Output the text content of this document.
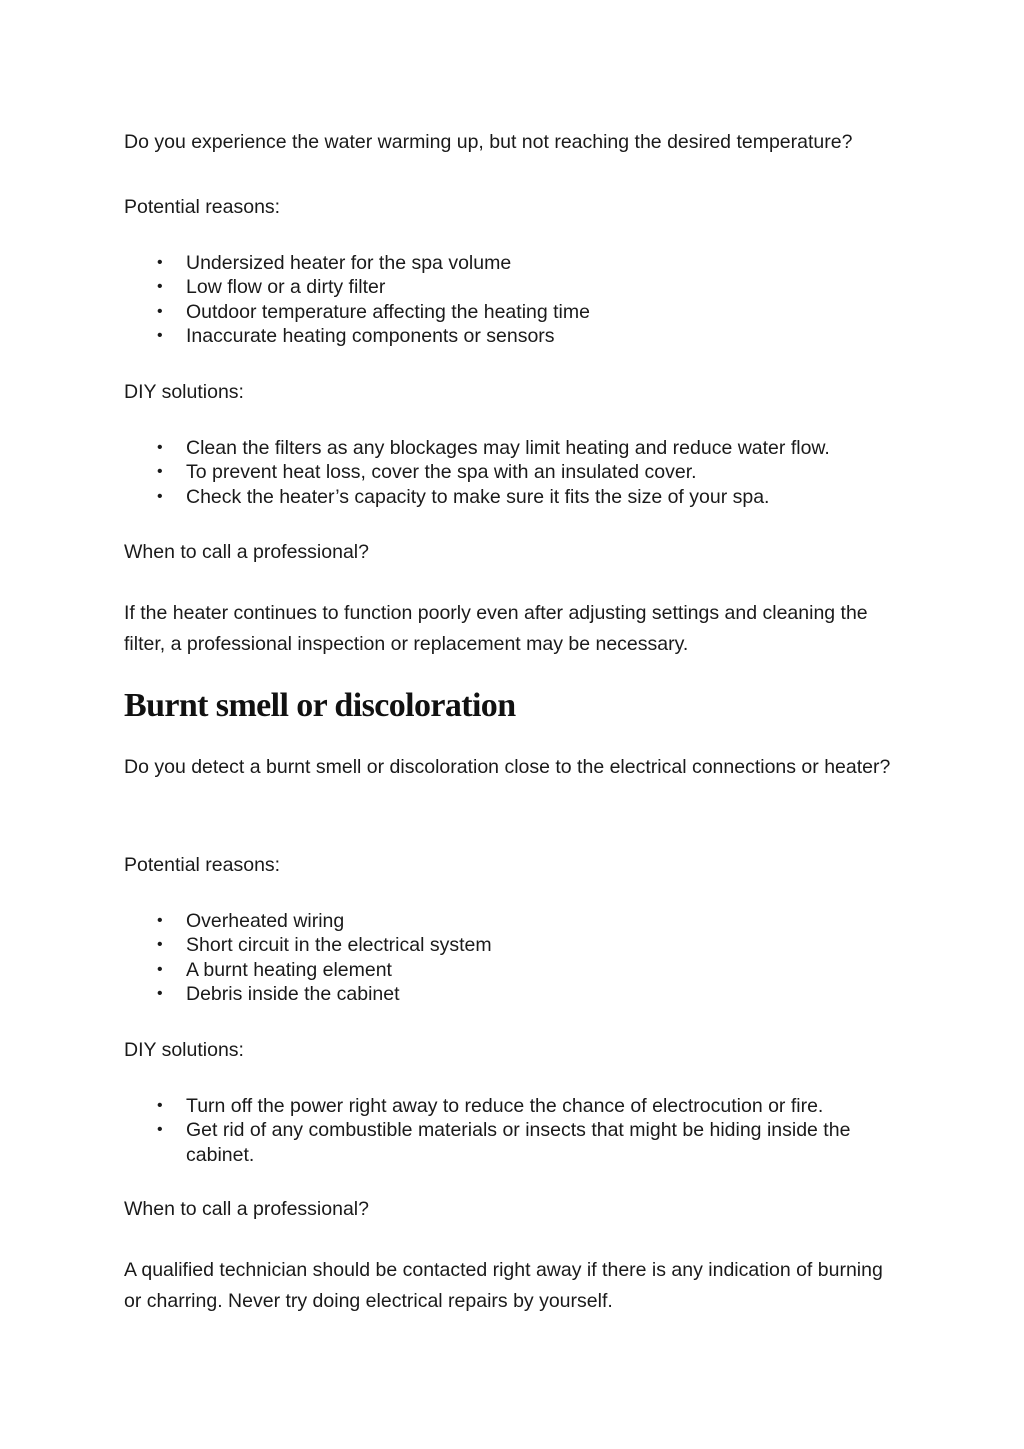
Do you experience the water warming up, but not reaching the desired temperature?

Potential reasons:

• Undersized heater for the spa volume
• Low flow or a dirty filter
• Outdoor temperature affecting the heating time
• Inaccurate heating components or sensors

DIY solutions:

• Clean the filters as any blockages may limit heating and reduce water flow.
• To prevent heat loss, cover the spa with an insulated cover.
• Check the heater’s capacity to make sure it fits the size of your spa.

When to call a professional?

If the heater continues to function poorly even after adjusting settings and cleaning the filter, a professional inspection or replacement may be necessary.

Burnt smell or discoloration

Do you detect a burnt smell or discoloration close to the electrical connections or heater?

Potential reasons:

• Overheated wiring
• Short circuit in the electrical system
• A burnt heating element
• Debris inside the cabinet

DIY solutions:

• Turn off the power right away to reduce the chance of electrocution or fire.
• Get rid of any combustible materials or insects that might be hiding inside the cabinet.

When to call a professional?

A qualified technician should be contacted right away if there is any indication of burning or charring. Never try doing electrical repairs by yourself.
